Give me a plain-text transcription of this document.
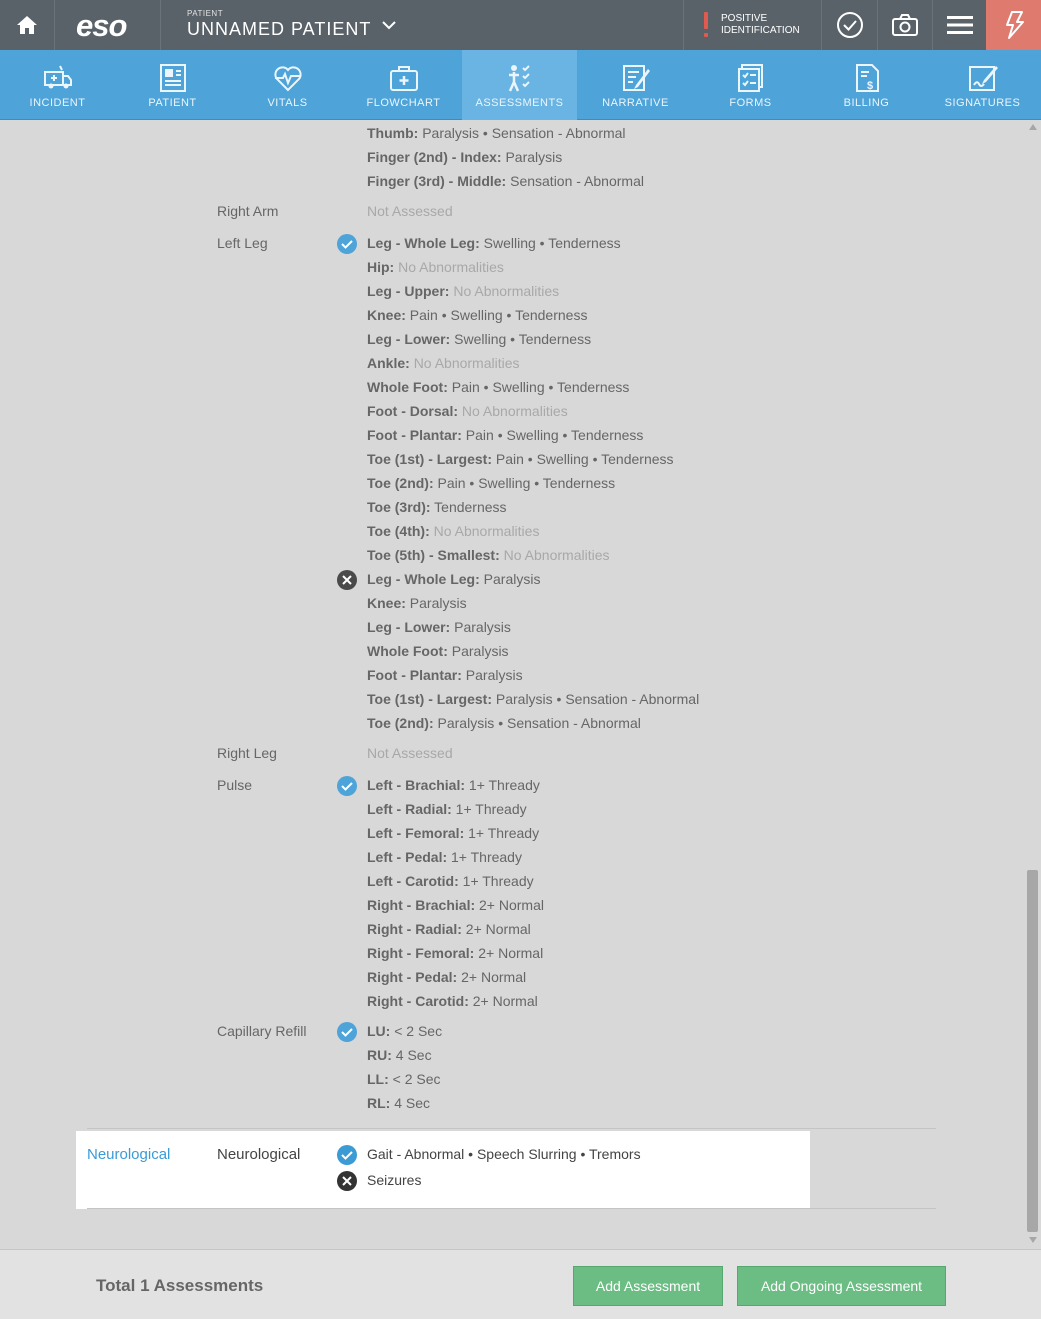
eso	PATIENT
UNNAMED PATIENT
POSITIVE
IDENTIFICATION
INCIDENT	PATIENT	VITALS	FLOWCHART	ASSESSMENTS	NARRATIVE	FORMS
$
BILLING	SIGNATURES
Thumb: Paralysis • Sensation - Abnormal
Finger (2nd) - Index: Paralysis
Finger (3rd) - Middle: Sensation - Abnormal
Right Arm	Not Assessed
Left Leg	Leg - Whole Leg: Swelling • Tenderness
Hip: No Abnormalities
Leg - Upper: No Abnormalities
Knee: Pain • Swelling • Tenderness
Leg - Lower: Swelling • Tenderness
Ankle: No Abnormalities
Whole Foot: Pain • Swelling • Tenderness
Foot - Dorsal: No Abnormalities
Foot - Plantar: Pain • Swelling • Tenderness
Toe (1st) - Largest: Pain • Swelling • Tenderness
Toe (2nd): Pain • Swelling • Tenderness
Toe (3rd): Tenderness
Toe (4th): No Abnormalities
Toe (5th) - Smallest: No Abnormalities
Leg - Whole Leg: Paralysis
Knee: Paralysis
Leg - Lower: Paralysis
Whole Foot: Paralysis
Foot - Plantar: Paralysis
Toe (1st) - Largest: Paralysis • Sensation - Abnormal
Toe (2nd): Paralysis • Sensation - Abnormal
Right Leg	Not Assessed
Pulse	Left - Brachial: 1+ Thready
Left - Radial: 1+ Thready
Left - Femoral: 1+ Thready
Left - Pedal: 1+ Thready
Left - Carotid: 1+ Thready
Right - Brachial: 2+ Normal
Right - Radial: 2+ Normal
Right - Femoral: 2+ Normal
Right - Pedal: 2+ Normal
Right - Carotid: 2+ Normal
Capillary Refill	LU: < 2 Sec
RU: 4 Sec
LL: < 2 Sec
RL: 4 Sec
Neurological	Neurological	Gait - Abnormal • Speech Slurring • Tremors
Seizures
Total 1 Assessments	Add Assessment	Add Ongoing Assessment
